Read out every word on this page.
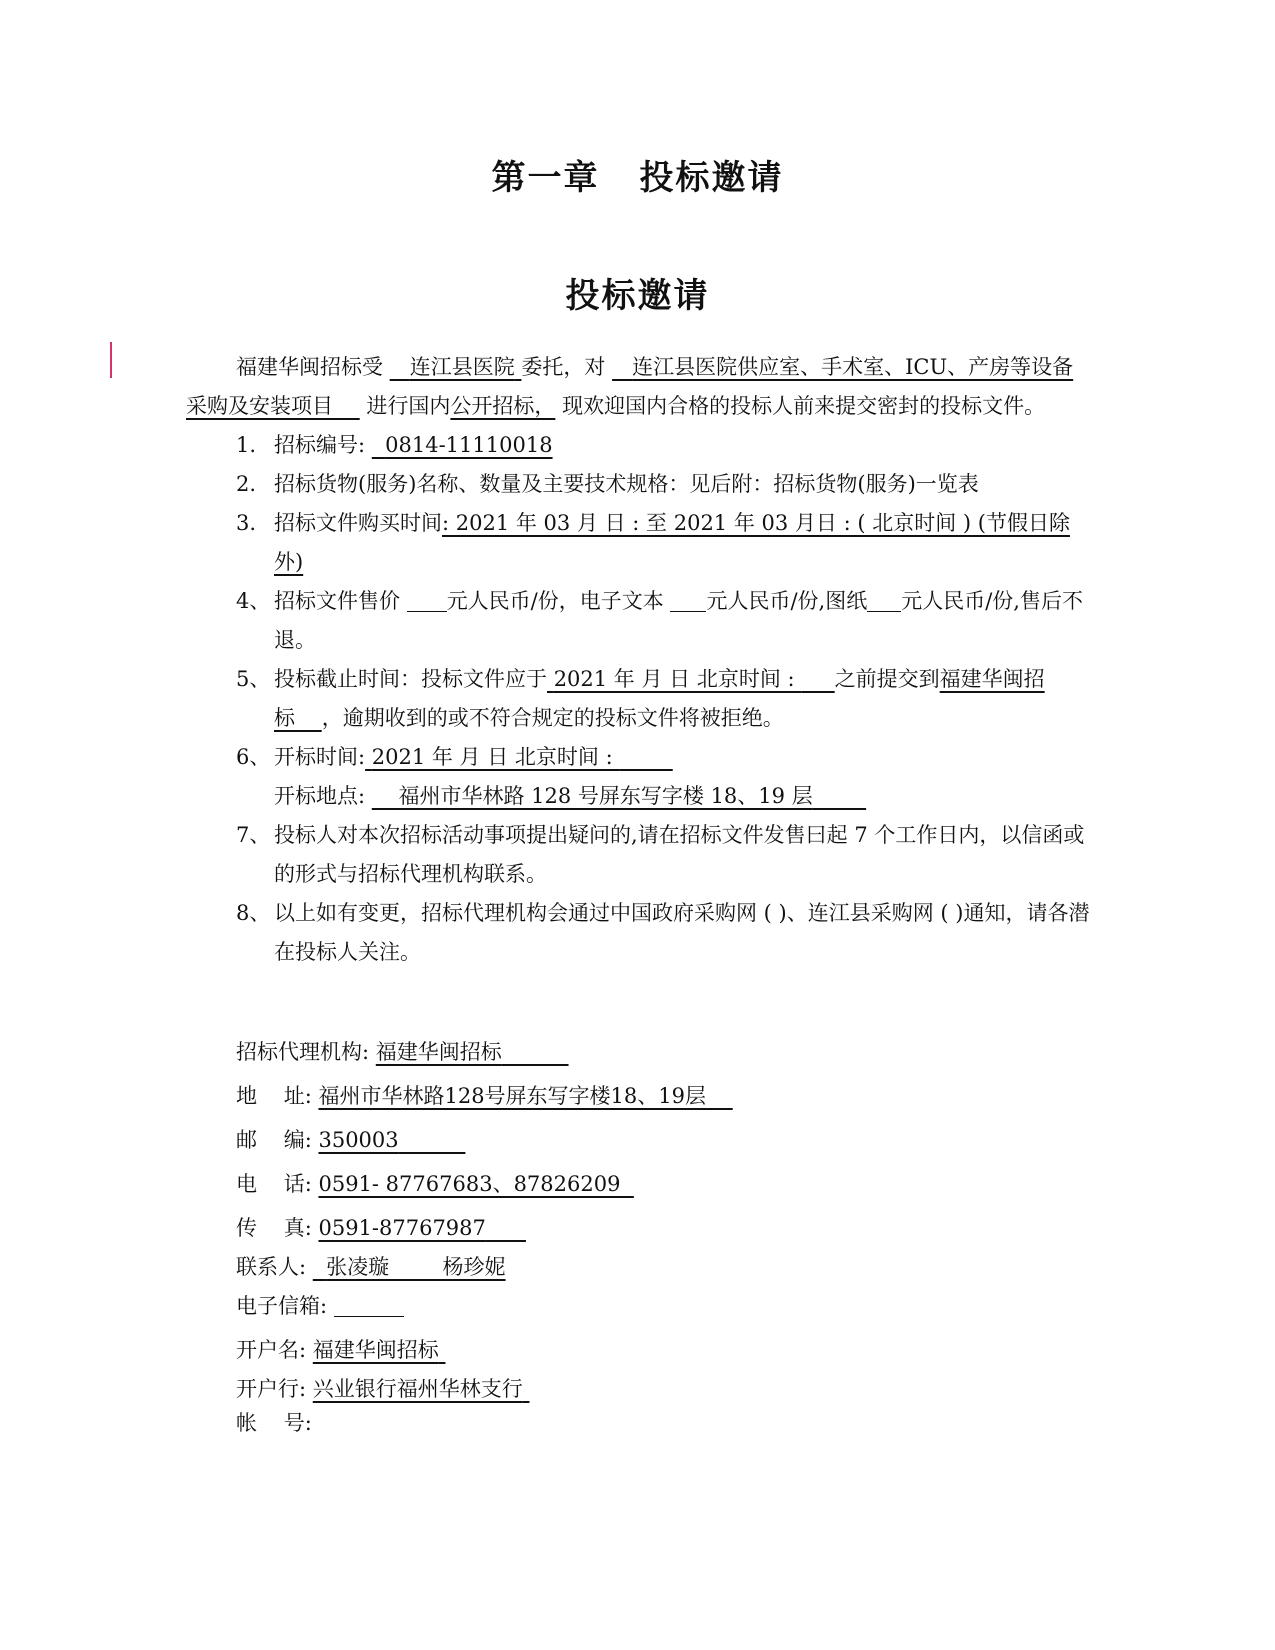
第一章 投标邀请
投标邀请
福建华闽招标受 连江县医院 委托，对 连江县医院供应室、手术室、ICU、产房等设备采购及安装项目 进行国内公开招标， 现欢迎国内合格的投标人前来提交密封的投标文件。
1. 招标编号: 0814-11110018
2. 招标货物(服务)名称、数量及主要技术规格：见后附：招标货物(服务)一览表
3. 招标文件购买时间: 2021 年 03 月 日 : 至 2021 年 03 月日 : ( 北京时间 ) (节假日除外)
4、 招标文件售价 元人民币/份，电子文本 元人民币/份,图纸 元人民币/份,售后不退。
5、 投标截止时间：投标文件应于 2021 年 月 日 北京时间 :      之前提交到福建华闽招标 ，逾期收到的或不符合规定的投标文件将被拒绝。
6、 开标时间: 2021 年 月 日 北京时间 :
开标地点: 福州市华林路 128 号屏东写字楼 18、19 层
7、 投标人对本次招标活动事项提出疑问的,请在招标文件发售曰起 7 个工作日内，以信函或 的形式与招标代理机构联系。
8、 以上如有变更，招标代理机构会通过中国政府采购网 ( )、连江县采购网 ( )通知，请各潜在投标人关注。
招标代理机构: 福建华闽招标
地    址: 福州市华林路128号屏东写字楼18、19层
邮    编: 350003
电    话: 0591- 87767683、87826209
传    真: 0591-87767987
联系人: 张凌璇        杨珍妮
电子信箱:
开户名: 福建华闽招标
开户行: 兴业银行福州华林支行
帐    号:
